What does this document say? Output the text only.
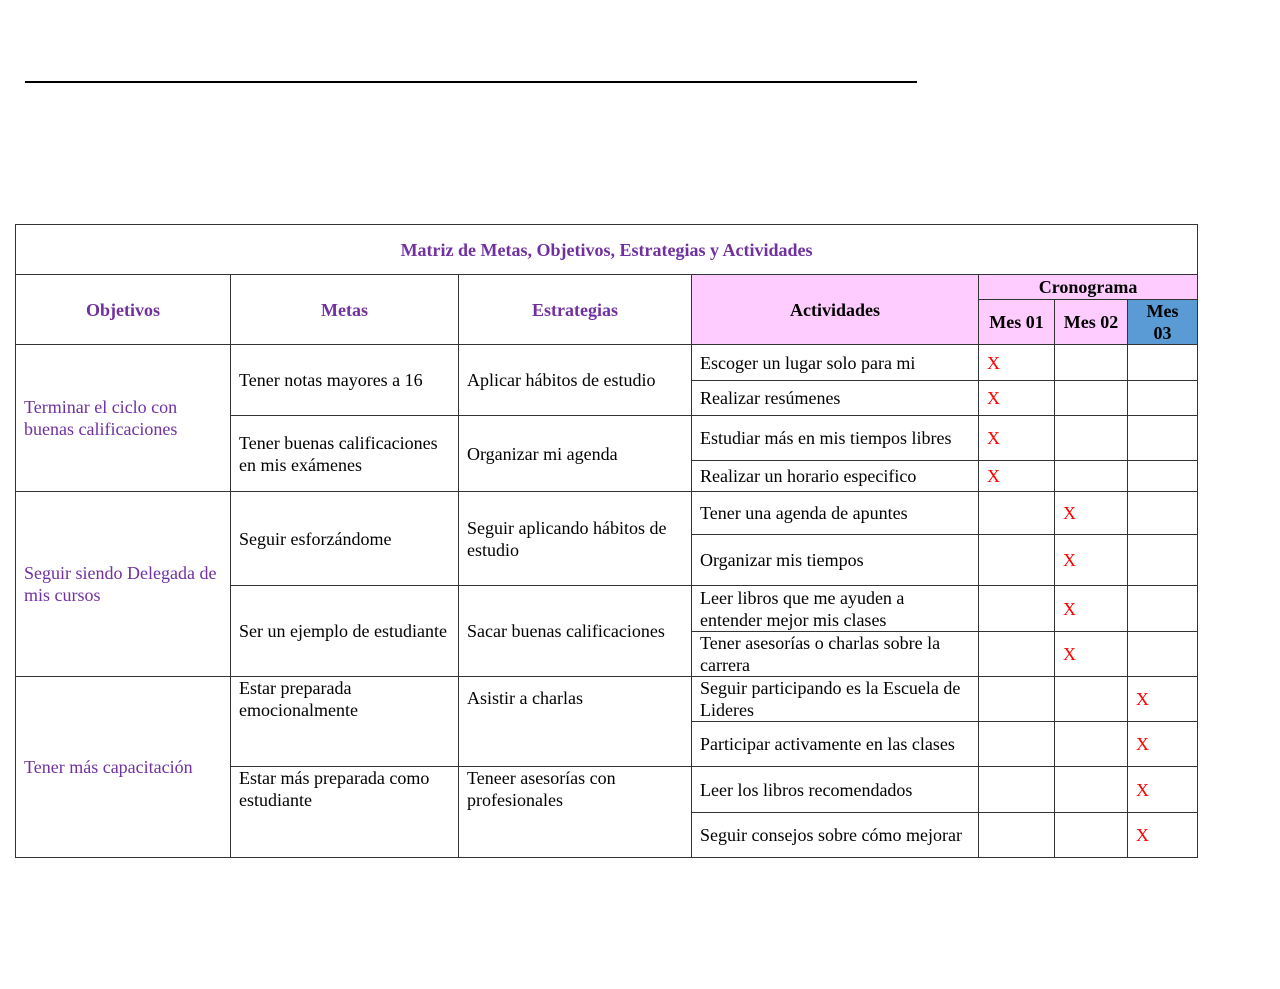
Matriz de Metas, Objetivos, Estrategias y Actividades						
Objetivos	Metas	Estrategias	Actividades	Cronograma		
				Mes 01	Mes 02	Mes 03
Terminar el ciclo con buenas calificaciones	Tener notas mayores a 16	Aplicar hábitos de estudio	Escoger un lugar solo para mi	X		
			Realizar resúmenes	X		
	Tener buenas calificaciones en mis exámenes	Organizar mi agenda	Estudiar más en mis tiempos libres	X		
			Realizar un horario especifico	X		
Seguir siendo Delegada de mis cursos	Seguir esforzándome	Seguir aplicando hábitos de estudio	Tener una agenda de apuntes		X	
			Organizar mis tiempos		X	
	Ser un ejemplo de estudiante	Sacar buenas calificaciones	Leer libros que me ayuden a entender mejor mis clases		X	
			Tener asesorías o charlas sobre la carrera		X	
Tener más capacitación	Estar preparada emocionalmente	Asistir a charlas	Seguir participando es la Escuela de Lideres			X
			Participar activamente en las clases			X
	Estar más preparada como estudiante	Teneer asesorías con profesionales	Leer los libros recomendados			X
			Seguir consejos sobre cómo mejorar			X
